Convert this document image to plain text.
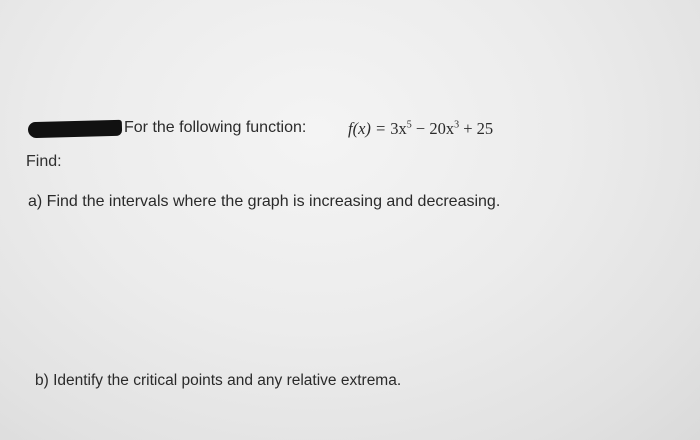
For the following function:	$f(x) = 3x^5 - 20x^3 + 25$
Find:
a) Find the intervals where the graph is increasing and decreasing.
b) Identify the critical points and any relative extrema.
